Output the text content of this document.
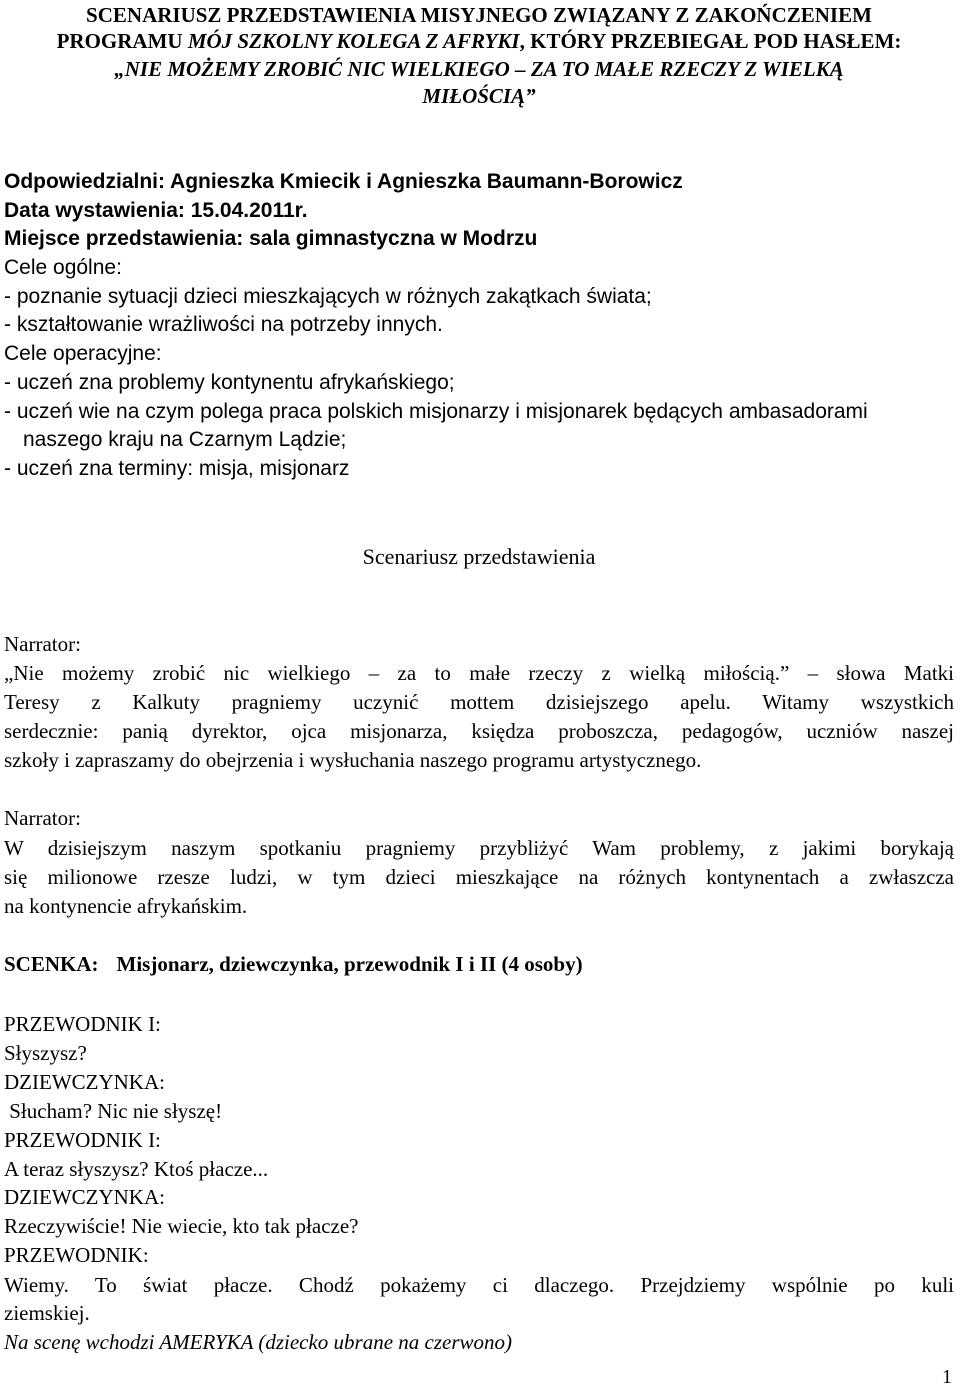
SCENARIUSZ PRZEDSTAWIENIA MISYJNEGO ZWIĄZANY Z ZAKOŃCZENIEM
PROGRAMU MÓJ SZKOLNY KOLEGA Z AFRYKI, KTÓRY PRZEBIEGAŁ POD HASŁEM:
„NIE MOŻEMY ZROBIĆ NIC WIELKIEGO – ZA TO MAŁE RZECZY Z WIELKĄ
MIŁOŚCIĄ”
Odpowiedzialni: Agnieszka Kmiecik i Agnieszka Baumann-Borowicz
Data wystawienia: 15.04.2011r.
Miejsce przedstawienia: sala gimnastyczna w Modrzu
Cele ogólne:
- poznanie sytuacji dzieci mieszkających w różnych zakątkach świata;
- kształtowanie wrażliwości na potrzeby innych.
Cele operacyjne:
- uczeń zna problemy kontynentu afrykańskiego;
- uczeń wie na czym polega praca polskich misjonarzy i misjonarek będących ambasadorami
naszego kraju na Czarnym Lądzie;
- uczeń zna terminy: misja, misjonarz
Scenariusz przedstawienia
Narrator:
„Nie możemy zrobić nic wielkiego – za to małe rzeczy z wielką miłością.” – słowa Matki
Teresy z Kalkuty pragniemy uczynić mottem dzisiejszego apelu. Witamy wszystkich
serdecznie: panią dyrektor, ojca misjonarza, księdza proboszcza, pedagogów, uczniów naszej
szkoły i zapraszamy do obejrzenia i wysłuchania naszego programu artystycznego.
Narrator:
W dzisiejszym naszym spotkaniu pragniemy przybliżyć Wam problemy, z jakimi borykają
się milionowe rzesze ludzi, w tym dzieci mieszkające na różnych kontynentach a zwłaszcza
na kontynencie afrykańskim.
SCENKA: Misjonarz, dziewczynka, przewodnik I i II (4 osoby)
PRZEWODNIK I:
Słyszysz?
DZIEWCZYNKA:
Słucham? Nic nie słyszę!
PRZEWODNIK I:
A teraz słyszysz? Ktoś płacze...
DZIEWCZYNKA:
Rzeczywiście! Nie wiecie, kto tak płacze?
PRZEWODNIK:
Wiemy. To świat płacze. Chodź pokażemy ci dlaczego. Przejdziemy wspólnie po kuli
ziemskiej.
Na scenę wchodzi AMERYKA (dziecko ubrane na czerwono)
1
